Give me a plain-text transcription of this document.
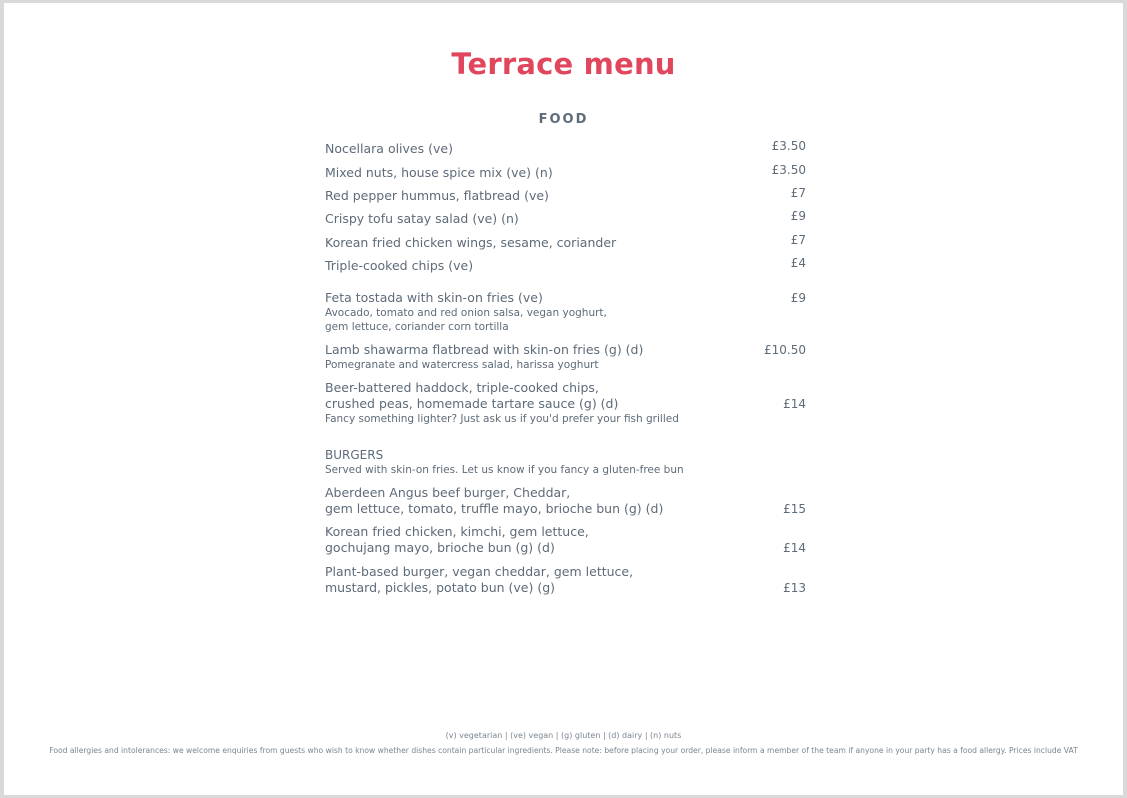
Terrace menu
FOOD
Nocellara olives (ve)	£3.50
Mixed nuts, house spice mix (ve) (n)	£3.50
Red pepper hummus, flatbread (ve)	£7
Crispy tofu satay salad (ve) (n)	£9
Korean fried chicken wings, sesame, coriander	£7
Triple-cooked chips (ve)	£4
Feta tostada with skin-on fries (ve)	£9
Avocado, tomato and red onion salsa, vegan yoghurt,
gem lettuce, coriander corn tortilla
Lamb shawarma flatbread with skin-on fries (g) (d)	£10.50
Pomegranate and watercress salad, harissa yoghurt
Beer-battered haddock, triple-cooked chips,
crushed peas, homemade tartare sauce (g) (d)	£14
Fancy something lighter? Just ask us if you'd prefer your fish grilled
BURGERS
Served with skin-on fries. Let us know if you fancy a gluten-free bun
Aberdeen Angus beef burger, Cheddar,
gem lettuce, tomato, truffle mayo, brioche bun (g) (d)	£15
Korean fried chicken, kimchi, gem lettuce,
gochujang mayo, brioche bun (g) (d)	£14
Plant-based burger, vegan cheddar, gem lettuce,
mustard, pickles, potato bun (ve) (g)	£13
(v) vegetarian | (ve) vegan | (g) gluten | (d) dairy | (n) nuts
Food allergies and intolerances: we welcome enquiries from guests who wish to know whether dishes contain particular ingredients. Please note: before placing your order, please inform a member of the team if anyone in your party has a food allergy. Prices include VAT
